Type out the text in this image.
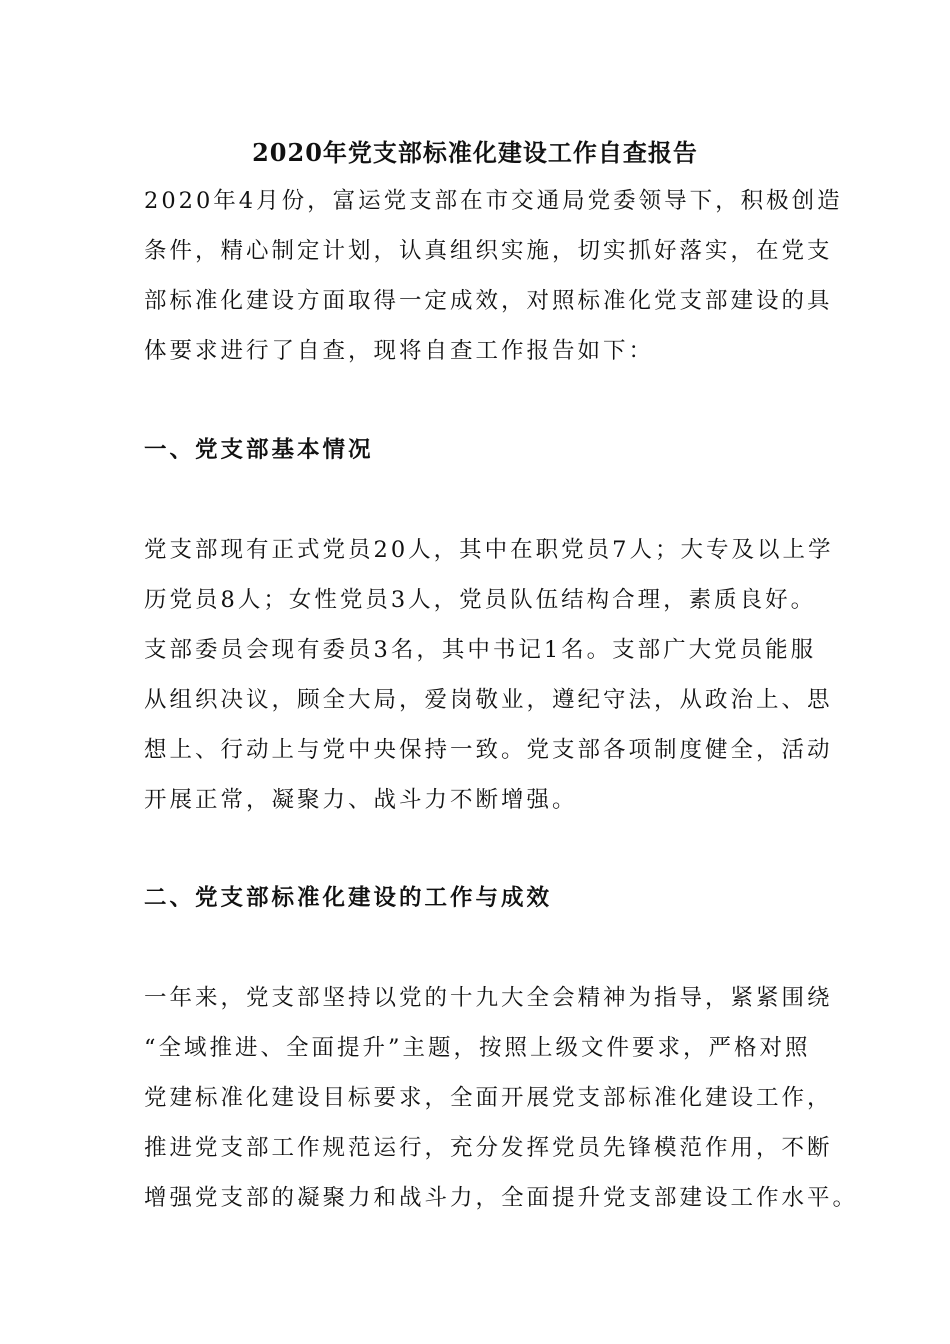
2020年党支部标准化建设工作自查报告

2020年4月份，富运党支部在市交通局党委领导下，积极创造
条件，精心制定计划，认真组织实施，切实抓好落实，在党支
部标准化建设方面取得一定成效，对照标准化党支部建设的具
体要求进行了自查，现将自查工作报告如下：

一、党支部基本情况

党支部现有正式党员20人，其中在职党员7人；大专及以上学
历党员8人；女性党员3人，党员队伍结构合理，素质良好。
支部委员会现有委员3名，其中书记1名。支部广大党员能服
从组织决议，顾全大局，爱岗敬业，遵纪守法，从政治上、思
想上、行动上与党中央保持一致。党支部各项制度健全，活动
开展正常，凝聚力、战斗力不断增强。

二、党支部标准化建设的工作与成效

一年来，党支部坚持以党的十九大全会精神为指导，紧紧围绕
“全域推进、全面提升”主题，按照上级文件要求，严格对照
党建标准化建设目标要求，全面开展党支部标准化建设工作，
推进党支部工作规范运行，充分发挥党员先锋模范作用，不断
增强党支部的凝聚力和战斗力，全面提升党支部建设工作水平。
